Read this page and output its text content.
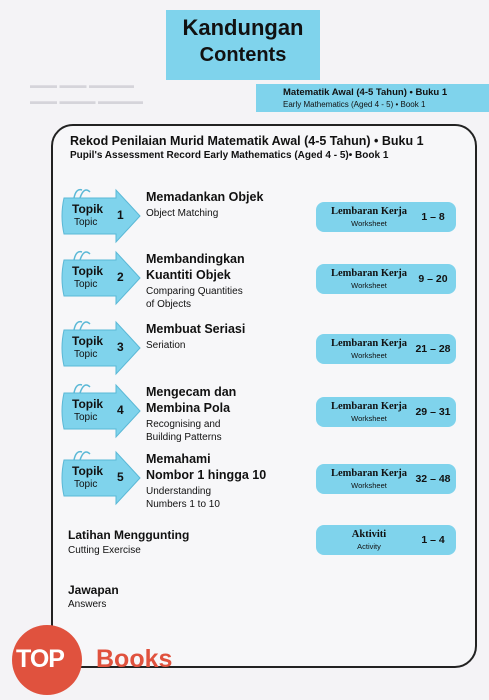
▬▬▬ ▬▬▬ ▬▬▬▬▬
▬▬▬ ▬▬▬▬ ▬▬▬▬▬
Kandungan
Contents
Matematik Awal (4-5 Tahun) • Buku 1
Early Mathematics (Aged 4 - 5) • Book 1
Rekod Penilaian Murid Matematik Awal (4-5 Tahun) • Buku 1
Pupil's Assessment Record Early Mathematics (Aged 4 - 5)• Book 1
Topik
Topic
1
Memadankan Objek
Object Matching	Lembaran Kerja
Worksheet
1 – 8
Topik
Topic
2
Membandingkan
Kuantiti Objek
Comparing Quantities
of Objects
Lembaran Kerja
Worksheet
9 – 20
Topik
Topic
3
Membuat Seriasi
Seriation	Lembaran Kerja
Worksheet
21 – 28
Topik
Topic
4
Mengecam dan
Membina Pola
Recognising and
Building Patterns
Lembaran Kerja
Worksheet
29 – 31
Topik
Topic
5
Memahami
Nombor 1 hingga 10
Understanding
Numbers 1 to 10
Lembaran Kerja
Worksheet
32 – 48
Latihan Menggunting
Cutting Exercise
Aktiviti
Activity
1 – 4
Jawapan
Answers
TOP Books
